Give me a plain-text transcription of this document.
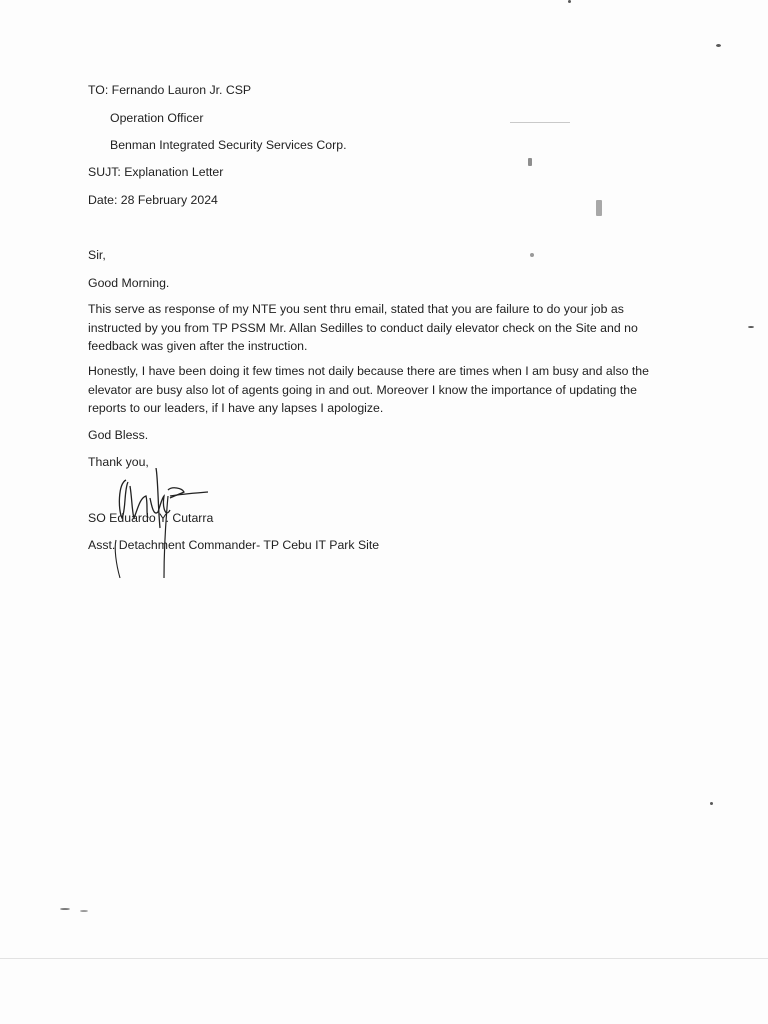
TO: Fernando Lauron Jr. CSP
Operation Officer
Benman Integrated Security Services Corp.
SUJT: Explanation Letter
Date: 28 February 2024
Sir,
Good Morning.
This serve as response of my NTE you sent thru email, stated that you are failure to do your job as
instructed by you from TP PSSM Mr. Allan Sedilles to conduct daily elevator check on the Site and no
feedback was given after the instruction.
Honestly, I have been doing it few times not daily because there are times when I am busy and also the
elevator are busy also lot of agents going in and out. Moreover I know the importance of updating the
reports to our leaders, if I have any lapses I apologize.
God Bless.
Thank you,
SO Eduardo Y. Cutarra
Asst. Detachment Commander- TP Cebu IT Park Site
